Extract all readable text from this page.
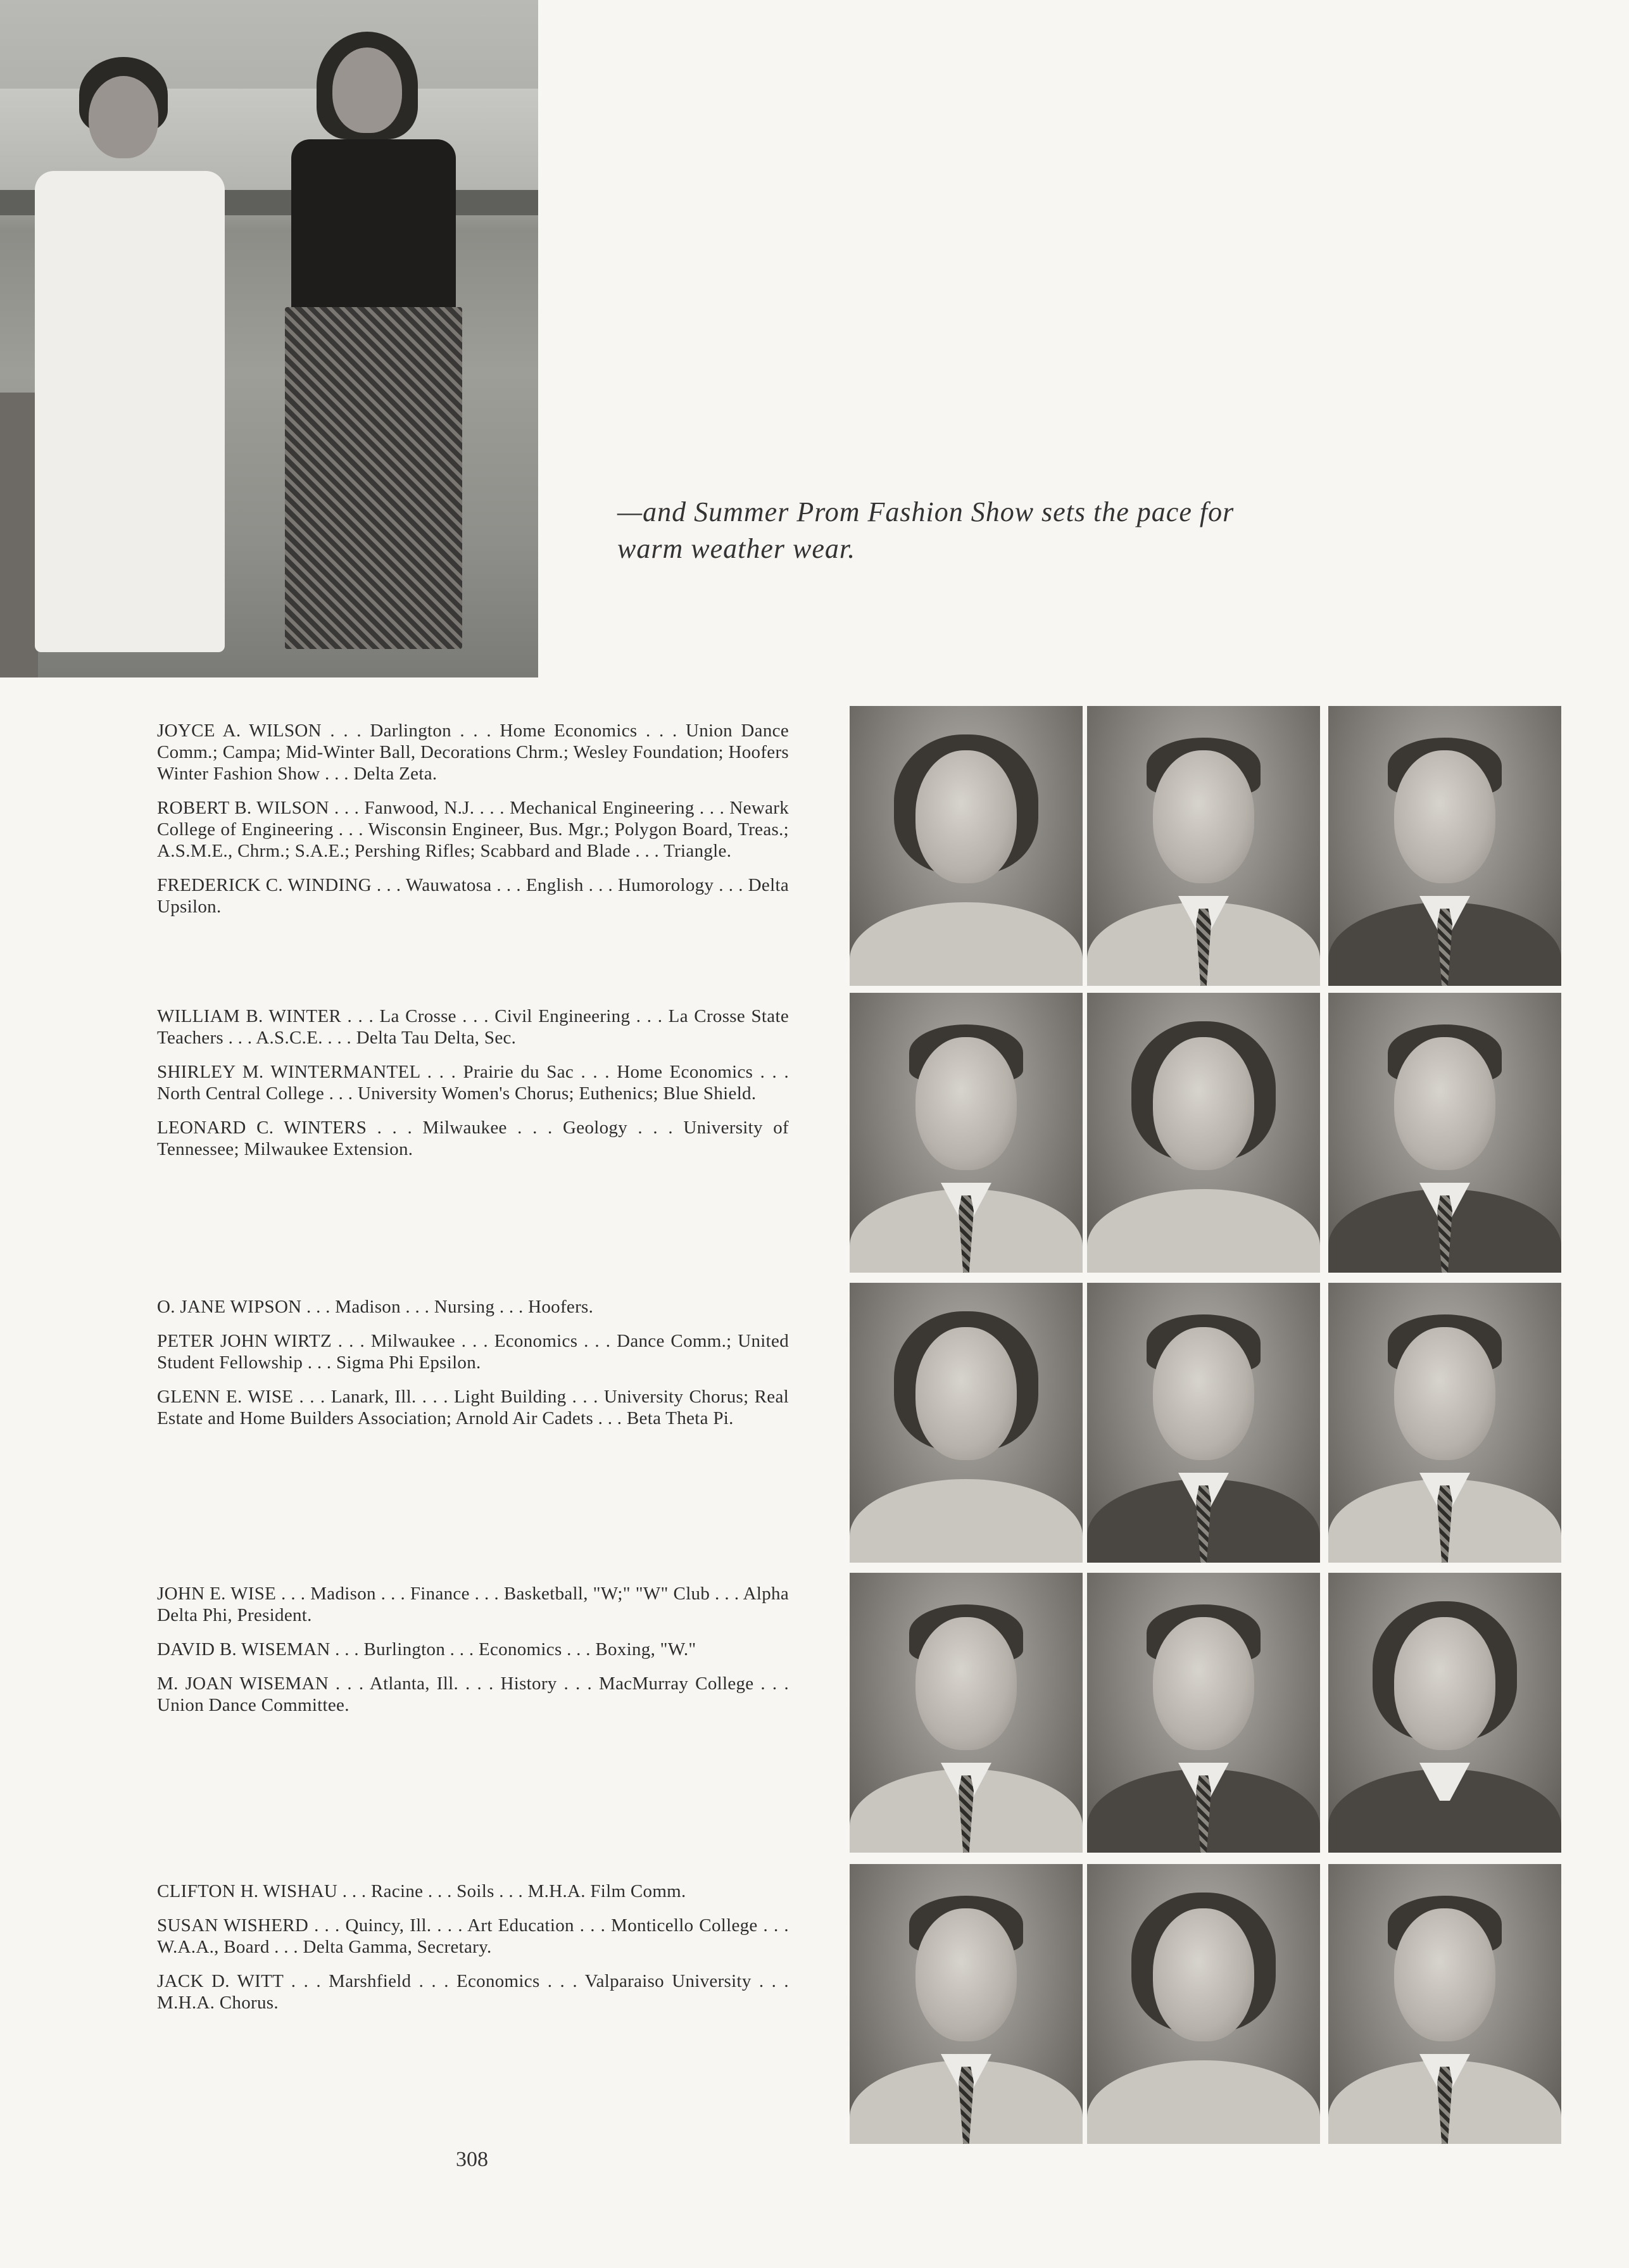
—and Summer Prom Fashion Show sets the pace for
warm weather wear.

JOYCE A. WILSON . . . Darlington . . . Home Economics . . . Union Dance Comm.; Campa; Mid-Winter Ball, Decorations Chrm.; Wesley Foundation; Hoofers Winter Fashion Show . . . Delta Zeta.

ROBERT B. WILSON . . . Fanwood, N.J. . . . Mechanical Engineering . . . Newark College of Engineering . . . Wisconsin Engineer, Bus. Mgr.; Polygon Board, Treas.; A.S.M.E., Chrm.; S.A.E.; Pershing Rifles; Scabbard and Blade . . . Triangle.

FREDERICK C. WINDING . . . Wauwatosa . . . English . . . Humorology . . . Delta Upsilon.

WILLIAM B. WINTER . . . La Crosse . . . Civil Engineering . . . La Crosse State Teachers . . . A.S.C.E. . . . Delta Tau Delta, Sec.

SHIRLEY M. WINTERMANTEL . . . Prairie du Sac . . . Home Economics . . . North Central College . . . University Women's Chorus; Euthenics; Blue Shield.

LEONARD C. WINTERS . . . Milwaukee . . . Geology . . . University of Tennessee; Milwaukee Extension.

O. JANE WIPSON . . . Madison . . . Nursing . . . Hoofers.

PETER JOHN WIRTZ . . . Milwaukee . . . Economics . . . Dance Comm.; United Student Fellowship . . . Sigma Phi Epsilon.

GLENN E. WISE . . . Lanark, Ill. . . . Light Building . . . University Chorus; Real Estate and Home Builders Association; Arnold Air Cadets . . . Beta Theta Pi.

JOHN E. WISE . . . Madison . . . Finance . . . Basketball, "W;" "W" Club . . . Alpha Delta Phi, President.

DAVID B. WISEMAN . . . Burlington . . . Economics . . . Boxing, "W."

M. JOAN WISEMAN . . . Atlanta, Ill. . . . History . . . MacMurray College . . . Union Dance Committee.

CLIFTON H. WISHAU . . . Racine . . . Soils . . . M.H.A. Film Comm.

SUSAN WISHERD . . . Quincy, Ill. . . . Art Education . . . Monticello College . . . W.A.A., Board . . . Delta Gamma, Secretary.

JACK D. WITT . . . Marshfield . . . Economics . . . Valparaiso University . . . M.H.A. Chorus.

308
